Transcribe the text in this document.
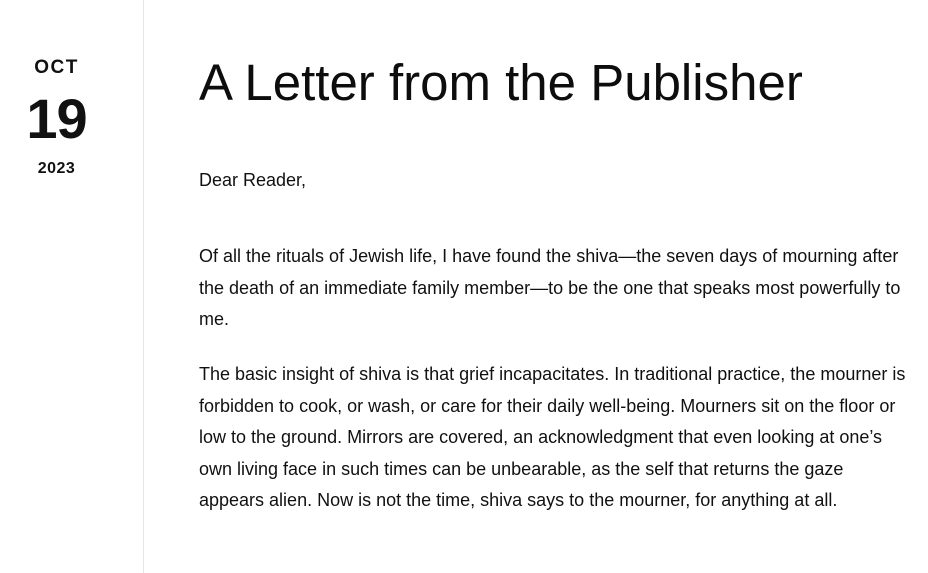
OCT
19
2023
A Letter from the Publisher

Dear Reader,

Of all the rituals of Jewish life, I have found the shiva—the seven days of mourning after the death of an immediate family member—to be the one that speaks most powerfully to me.

The basic insight of shiva is that grief incapacitates. In traditional practice, the mourner is forbidden to cook, or wash, or care for their daily well-being. Mourners sit on the floor or low to the ground. Mirrors are covered, an acknowledgment that even looking at one’s own living face in such times can be unbearable, as the self that returns the gaze appears alien. Now is not the time, shiva says to the mourner, for anything at all.
